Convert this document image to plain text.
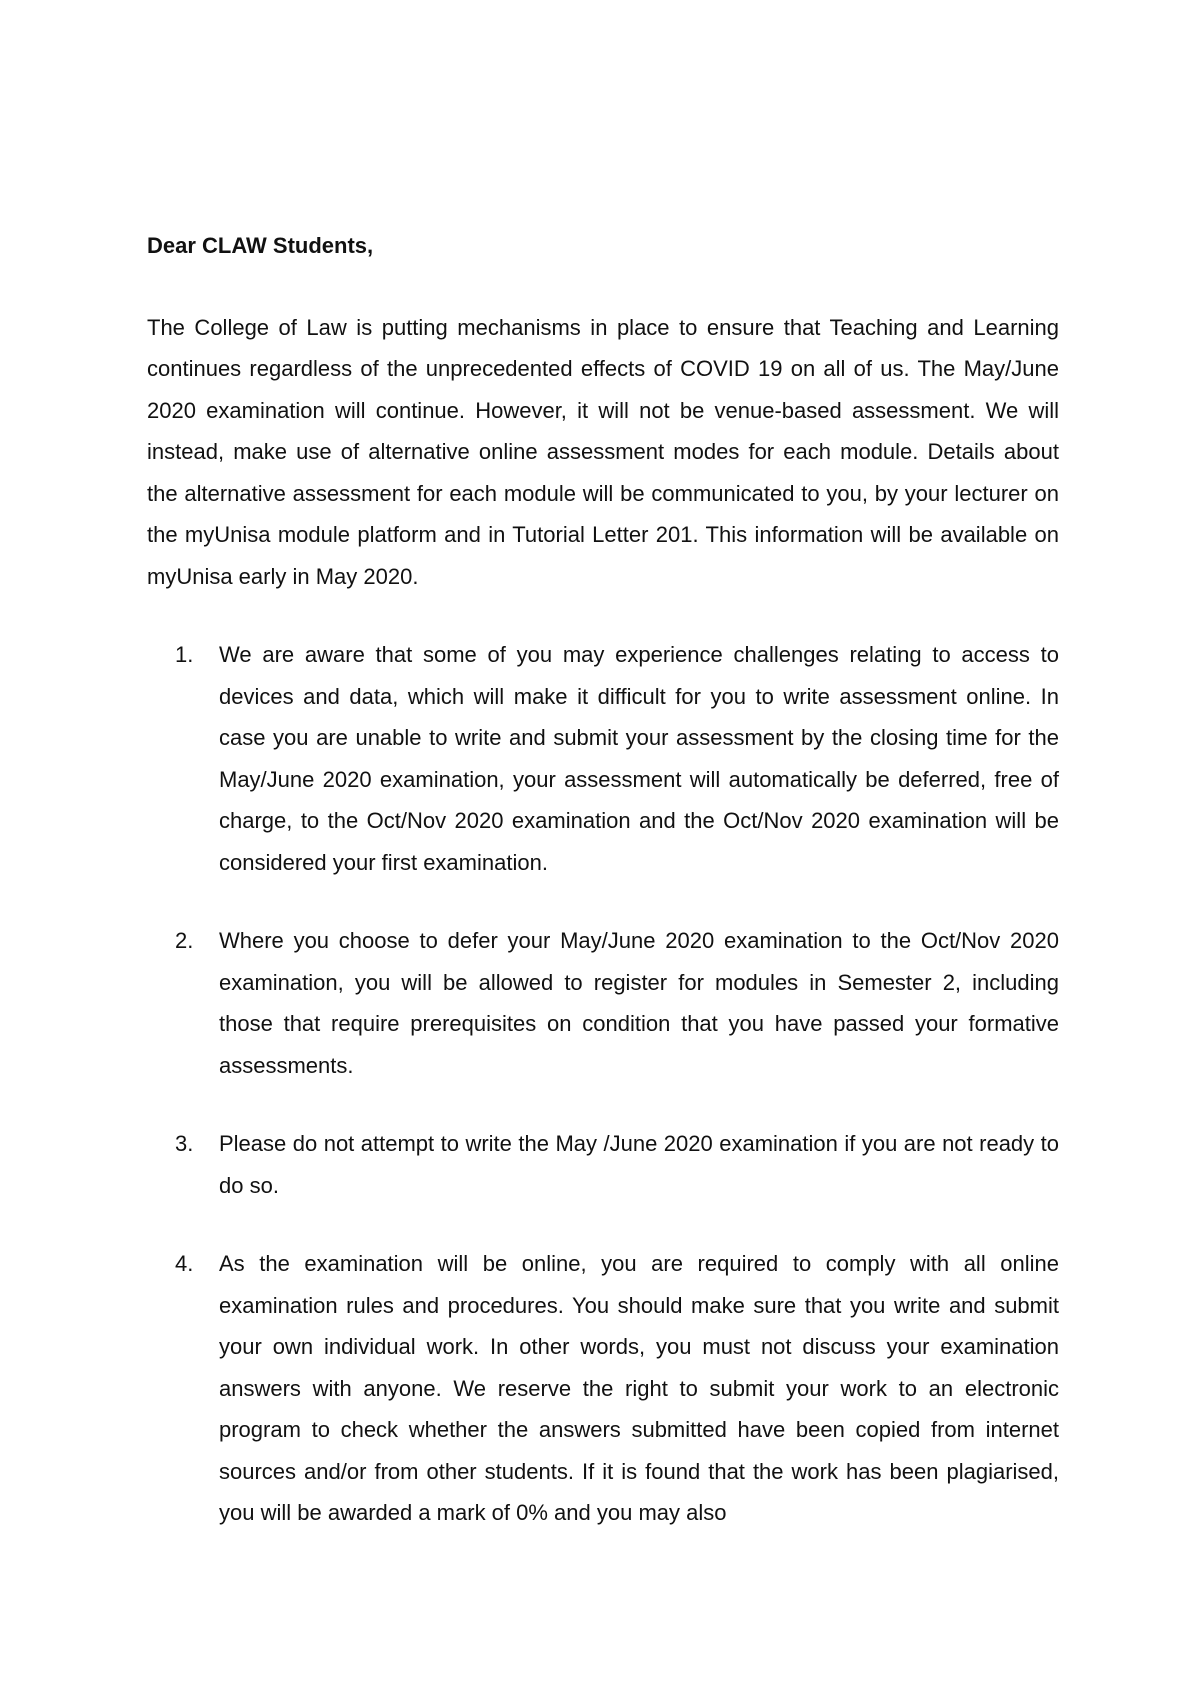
Dear CLAW Students,

The College of Law is putting mechanisms in place to ensure that Teaching and Learning continues regardless of the unprecedented effects of COVID 19 on all of us. The May/June 2020 examination will continue. However, it will not be venue-based assessment. We will instead, make use of alternative online assessment modes for each module. Details about the alternative assessment for each module will be communicated to you, by your lecturer on the myUnisa module platform and in Tutorial Letter 201. This information will be available on myUnisa early in May 2020.

1. We are aware that some of you may experience challenges relating to access to devices and data, which will make it difficult for you to write assessment online. In case you are unable to write and submit your assessment by the closing time for the May/June 2020 examination, your assessment will automatically be deferred, free of charge, to the Oct/Nov 2020 examination and the Oct/Nov 2020 examination will be considered your first examination.
2. Where you choose to defer your May/June 2020 examination to the Oct/Nov 2020 examination, you will be allowed to register for modules in Semester 2, including those that require prerequisites on condition that you have passed your formative assessments.
3. Please do not attempt to write the May /June 2020 examination if you are not ready to do so.
4. As the examination will be online, you are required to comply with all online examination rules and procedures. You should make sure that you write and submit your own individual work. In other words, you must not discuss your examination answers with anyone. We reserve the right to submit your work to an electronic program to check whether the answers submitted have been copied from internet sources and/or from other students. If it is found that the work has been plagiarised, you will be awarded a mark of 0% and you may also
